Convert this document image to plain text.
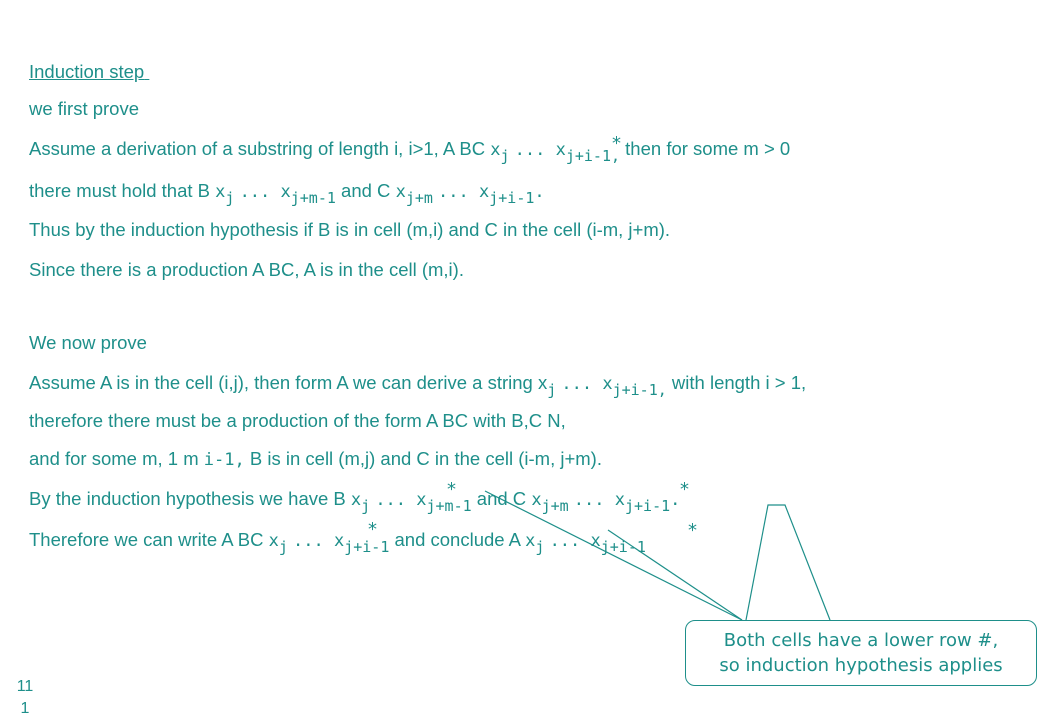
Induction step
we first prove
Assume a derivation of a substring of length i, i>1, A BC $x_j$ ... $x_{j+i-1,}$ then for some m > 0
*
there must hold that B $x_j$ ... $x_{j+m-1}$ and C $x_{j+m}$ ... $x_{j+i-1}$.
Thus by the induction hypothesis if B is in cell (m,i) and C in the cell (i-m, j+m).
Since there is a production A BC, A is in the cell (m,i).
We now prove
Assume A is in the cell (i,j), then form A we can derive a string $x_j$ ... $x_{j+i-1,}$ with length i > 1,
therefore there must be a production of the form A BC with B,C N,
and for some m, 1 m i-1, B is in cell (m,j) and C in the cell (i-m, j+m).
By the induction hypothesis we have B $x_j$ ... $x_{j+m-1}$ and C $x_{j+m}$ ... $x_{j+i-1}$.
*	*
Therefore we can write A BC $x_j$ ... $x_{j+i-1}$ and conclude A $x_j$ ... $x_{j+i-1}$
*	*
Both cells have a lower row #,
so induction hypothesis applies
11
1
